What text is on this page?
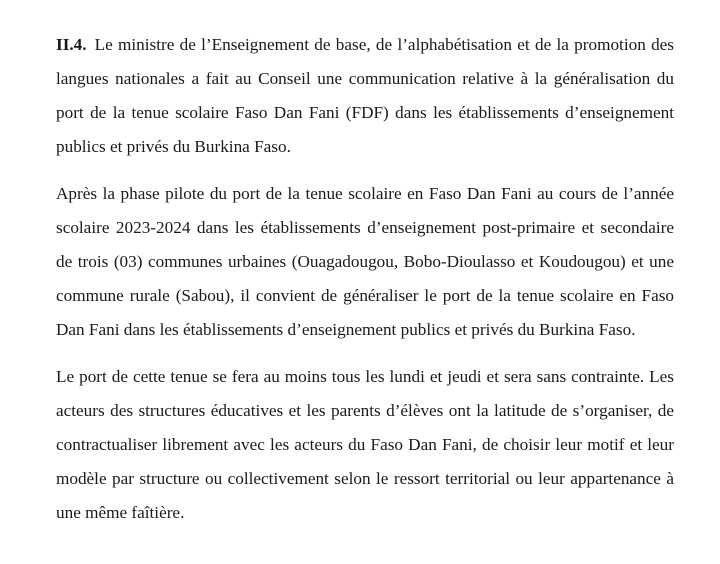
II.4. Le ministre de l’Enseignement de base, de l’alphabétisation et de la promotion des langues nationales a fait au Conseil une communication relative à la généralisation du port de la tenue scolaire Faso Dan Fani (FDF) dans les établissements d’enseignement publics et privés du Burkina Faso.

Après la phase pilote du port de la tenue scolaire en Faso Dan Fani au cours de l’année scolaire 2023-2024 dans les établissements d’enseignement post-primaire et secondaire de trois (03) communes urbaines (Ouagadougou, Bobo-Dioulasso et Koudougou) et une commune rurale (Sabou), il convient de généraliser le port de la tenue scolaire en Faso Dan Fani dans les établissements d’enseignement publics et privés du Burkina Faso.

Le port de cette tenue se fera au moins tous les lundi et jeudi et sera sans contrainte. Les acteurs des structures éducatives et les parents d’élèves ont la latitude de s’organiser, de contractualiser librement avec les acteurs du Faso Dan Fani, de choisir leur motif et leur modèle par structure ou collectivement selon le ressort territorial ou leur appartenance à une même faîtière.
